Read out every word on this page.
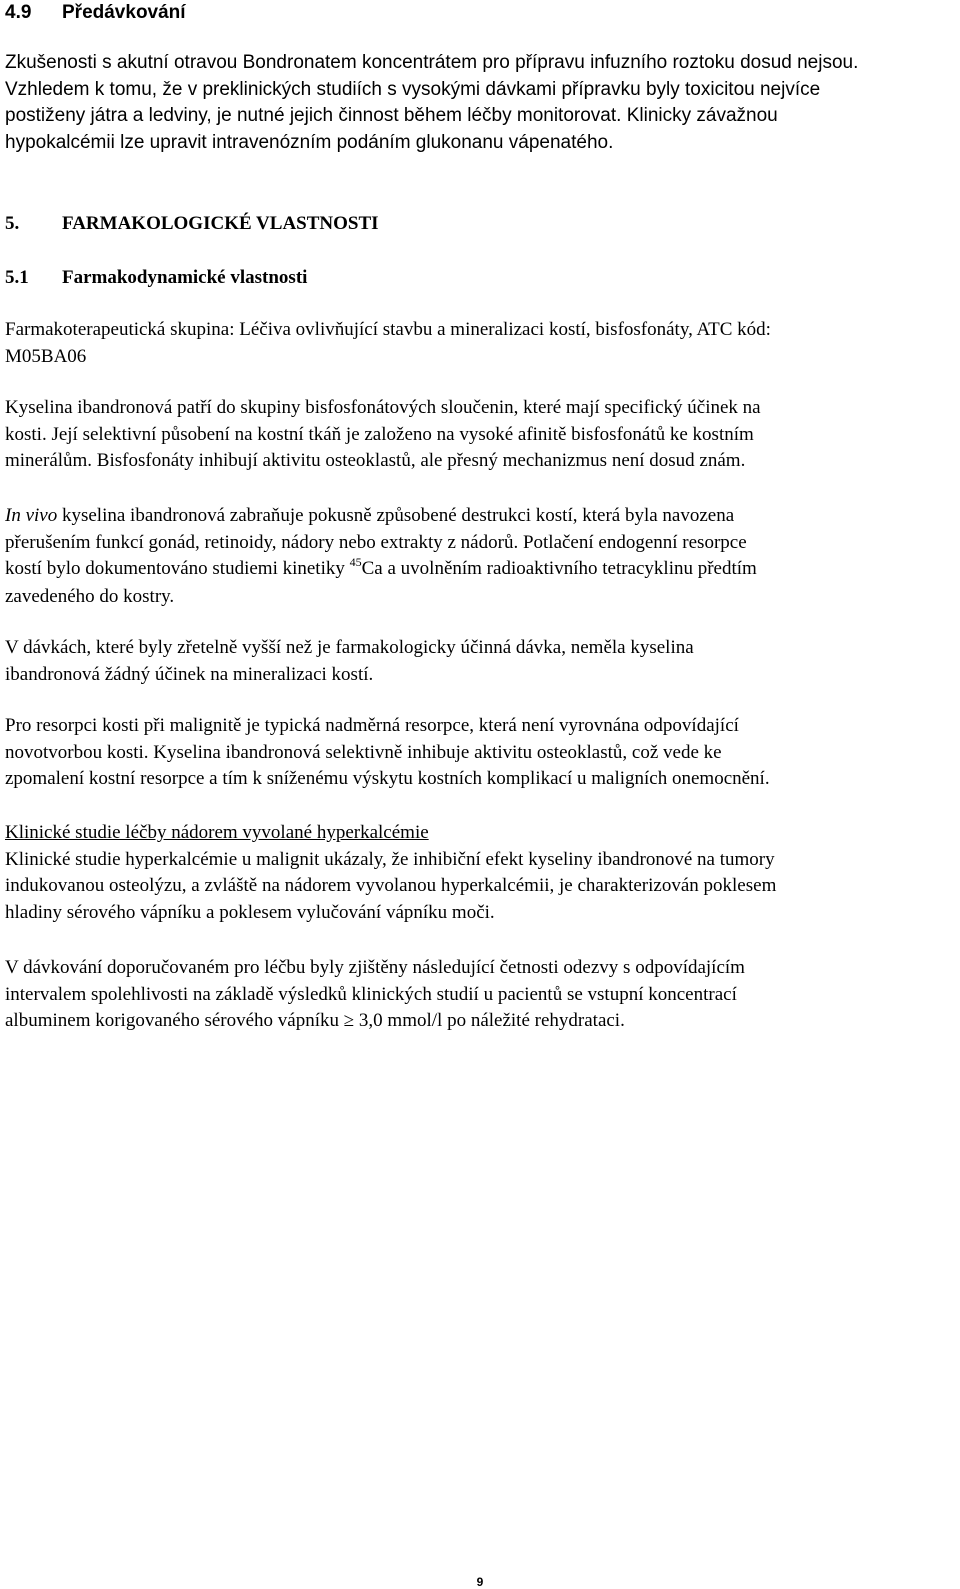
4.9 Předávkování
Zkušenosti s akutní otravou Bondronatem koncentrátem pro přípravu infuzního roztoku dosud nejsou.
Vzhledem k tomu, že v preklinických studiích s vysokými dávkami přípravku byly toxicitou nejvíce
postiženy játra a ledviny, je nutné jejich činnost během léčby monitorovat. Klinicky závažnou
hypokalcémii lze upravit intravenózním podáním glukonanu vápenatého.
5. FARMAKOLOGICKÉ VLASTNOSTI
5.1 Farmakodynamické vlastnosti
Farmakoterapeutická skupina: Léčiva ovlivňující stavbu a mineralizaci kostí, bisfosfonáty, ATC kód:
M05BA06
Kyselina ibandronová patří do skupiny bisfosfonátových sloučenin, které mají specifický účinek na
kosti. Její selektivní působení na kostní tkáň je založeno na vysoké afinitě bisfosfonátů ke kostním
minerálům. Bisfosfonáty inhibují aktivitu osteoklastů, ale přesný mechanizmus není dosud znám.
In vivo kyselina ibandronová zabraňuje pokusně způsobené destrukci kostí, která byla navozena
přerušením funkcí gonád, retinoidy, nádory nebo extrakty z nádorů. Potlačení endogenní resorpce
kostí bylo dokumentováno studiemi kinetiky $^{45}$Ca a uvolněním radioaktivního tetracyklinu předtím
zavedeného do kostry.
V dávkách, které byly zřetelně vyšší než je farmakologicky účinná dávka, neměla kyselina
ibandronová žádný účinek na mineralizaci kostí.
Pro resorpci kosti při malignitě je typická nadměrná resorpce, která není vyrovnána odpovídající
novotvorbou kosti. Kyselina ibandronová selektivně inhibuje aktivitu osteoklastů, což vede ke
zpomalení kostní resorpce a tím k sníženému výskytu kostních komplikací u maligních onemocnění.
Klinické studie léčby nádorem vyvolané hyperkalcémie
Klinické studie hyperkalcémie u malignit ukázaly, že inhibiční efekt kyseliny ibandronové na tumory
indukovanou osteolýzu, a zvláště na nádorem vyvolanou hyperkalcémii, je charakterizován poklesem
hladiny sérového vápníku a poklesem vylučování vápníku moči.
V dávkování doporučovaném pro léčbu byly zjištěny následující četnosti odezvy s odpovídajícím
intervalem spolehlivosti na základě výsledků klinických studií u pacientů se vstupní koncentrací
albuminem korigovaného sérového vápníku ≥ 3,0 mmol/l po náležité rehydrataci.
9
